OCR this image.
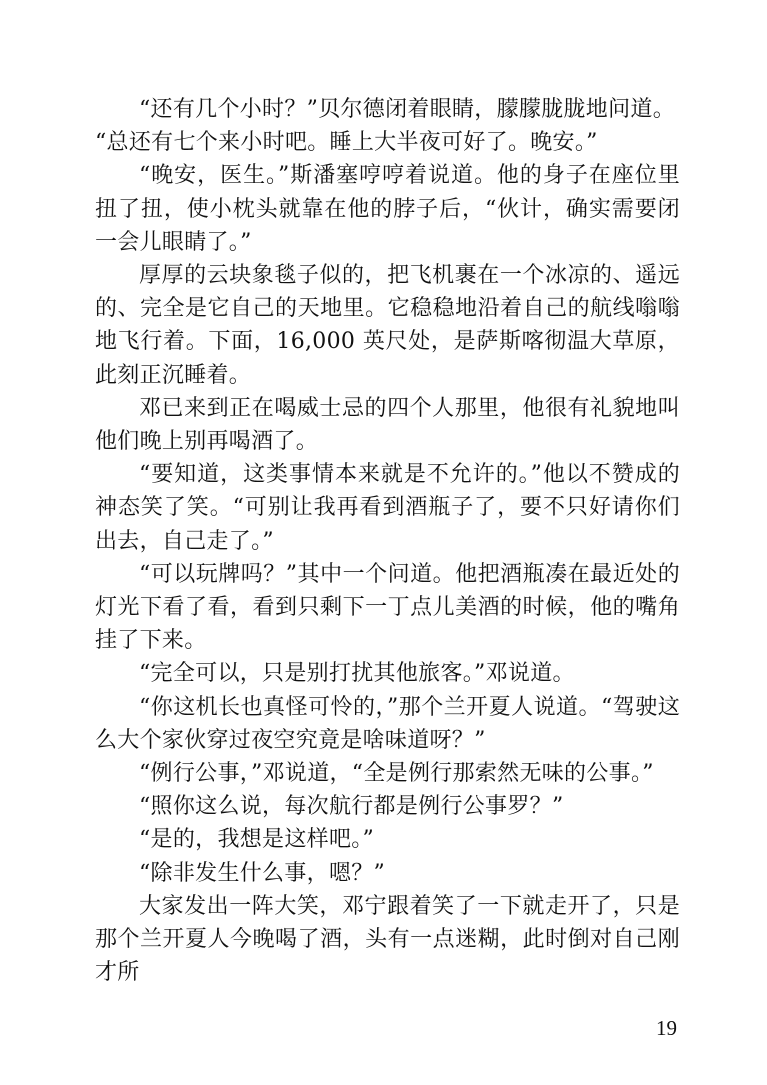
“还有几个小时？”贝尔德闭着眼睛，朦朦胧胧地问道。

“总还有七个来小时吧。睡上大半夜可好了。晚安。”

“晚安，医生。”斯潘塞哼哼着说道。他的身子在座位里扭了扭，使小枕头就靠在他的脖子后，“伙计，确实需要闭一会儿眼睛了。”

厚厚的云块象毯子似的，把飞机裹在一个冰凉的、遥远的、完全是它自己的天地里。它稳稳地沿着自己的航线嗡嗡地飞行着。下面，16,000 英尺处，是萨斯喀彻温大草原，此刻正沉睡着。

邓已来到正在喝威士忌的四个人那里，他很有礼貌地叫他们晚上别再喝酒了。

“要知道，这类事情本来就是不允许的。”他以不赞成的神态笑了笑。“可别让我再看到酒瓶子了，要不只好请你们出去，自己走了。”

“可以玩牌吗？”其中一个问道。他把酒瓶凑在最近处的灯光下看了看，看到只剩下一丁点儿美酒的时候，他的嘴角挂了下来。

“完全可以，只是别打扰其他旅客。”邓说道。

“你这机长也真怪可怜的，”那个兰开夏人说道。“驾驶这么大个家伙穿过夜空究竟是啥味道呀？”

“例行公事，”邓说道，“全是例行那索然无味的公事。”

“照你这么说，每次航行都是例行公事罗？”

“是的，我想是这样吧。”

“除非发生什么事，嗯？”

大家发出一阵大笑，邓宁跟着笑了一下就走开了，只是那个兰开夏人今晚喝了酒，头有一点迷糊，此时倒对自己刚才所

19
